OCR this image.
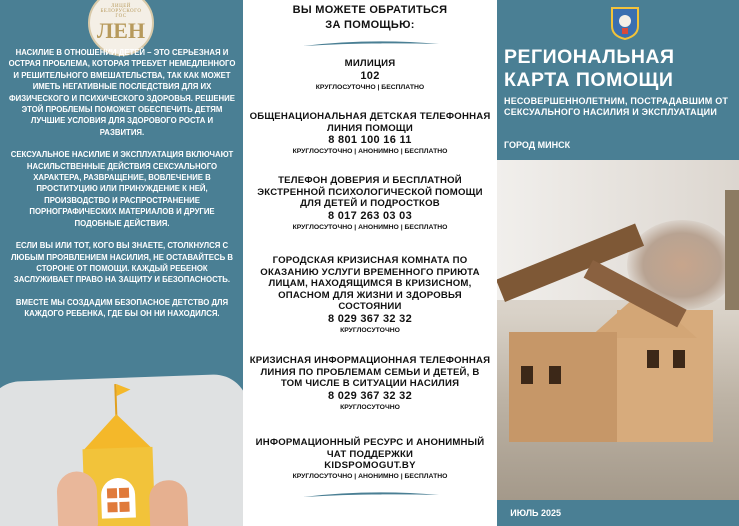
ЛИЦЕЙ БЕЛОРУСКОГО ГОС
ЛЕН

НАСИЛИЕ В ОТНОШЕНИИ ДЕТЕЙ – ЭТО СЕРЬЕЗНАЯ И ОСТРАЯ ПРОБЛЕМА, КОТОРАЯ ТРЕБУЕТ НЕМЕДЛЕННОГО И РЕШИТЕЛЬНОГО ВМЕШАТЕЛЬСТВА, ТАК КАК МОЖЕТ ИМЕТЬ НЕГАТИВНЫЕ ПОСЛЕДСТВИЯ ДЛЯ ИХ ФИЗИЧЕСКОГО И ПСИХИЧЕСКОГО ЗДОРОВЬЯ. РЕШЕНИЕ ЭТОЙ ПРОБЛЕМЫ ПОМОЖЕТ ОБЕСПЕЧИТЬ ДЕТЯМ ЛУЧШИЕ УСЛОВИЯ ДЛЯ ЗДОРОВОГО РОСТА И РАЗВИТИЯ.

СЕКСУАЛЬНОЕ НАСИЛИЕ И ЭКСПЛУАТАЦИЯ ВКЛЮЧАЮТ НАСИЛЬСТВЕННЫЕ ДЕЙСТВИЯ СЕКСУАЛЬНОГО ХАРАКТЕРА, РАЗВРАЩЕНИЕ, ВОВЛЕЧЕНИЕ В ПРОСТИТУЦИЮ ИЛИ ПРИНУЖДЕНИЕ К НЕЙ, ПРОИЗВОДСТВО И РАСПРОСТРАНЕНИЕ ПОРНОГРАФИЧЕСКИХ МАТЕРИАЛОВ И ДРУГИЕ ПОДОБНЫЕ ДЕЙСТВИЯ.

ЕСЛИ ВЫ ИЛИ ТОТ, КОГО ВЫ ЗНАЕТЕ, СТОЛКНУЛСЯ С ЛЮБЫМ ПРОЯВЛЕНИЕМ НАСИЛИЯ, НЕ ОСТАВАЙТЕСЬ В СТОРОНЕ ОТ ПОМОЩИ. КАЖДЫЙ РЕБЕНОК ЗАСЛУЖИВАЕТ ПРАВО НА ЗАЩИТУ И БЕЗОПАСНОСТЬ.

ВМЕСТЕ МЫ СОЗДАДИМ БЕЗОПАСНОЕ ДЕТСТВО ДЛЯ КАЖДОГО РЕБЕНКА, ГДЕ БЫ ОН НИ НАХОДИЛСЯ.

ВЫ МОЖЕТЕ ОБРАТИТЬСЯ
ЗА ПОМОЩЬЮ:
МИЛИЦИЯ
102
КРУГЛОСУТОЧНО | БЕСПЛАТНО
ОБЩЕНАЦИОНАЛЬНАЯ ДЕТСКАЯ ТЕЛЕФОННАЯ ЛИНИЯ ПОМОЩИ
8 801 100 16 11
КРУГЛОСУТОЧНО | АНОНИМНО | БЕСПЛАТНО
ТЕЛЕФОН ДОВЕРИЯ И БЕСПЛАТНОЙ ЭКСТРЕННОЙ ПСИХОЛОГИЧЕСКОЙ ПОМОЩИ ДЛЯ ДЕТЕЙ И ПОДРОСТКОВ
8 017 263 03 03
КРУГЛОСУТОЧНО | АНОНИМНО | БЕСПЛАТНО
ГОРОДСКАЯ КРИЗИСНАЯ КОМНАТА ПО ОКАЗАНИЮ УСЛУГИ ВРЕМЕННОГО ПРИЮТА ЛИЦАМ, НАХОДЯЩИМСЯ В КРИЗИСНОМ, ОПАСНОМ ДЛЯ ЖИЗНИ И ЗДОРОВЬЯ СОСТОЯНИИ
8 029 367 32 32
КРУГЛОСУТОЧНО
КРИЗИСНАЯ ИНФОРМАЦИОННАЯ ТЕЛЕФОННАЯ ЛИНИЯ ПО ПРОБЛЕМАМ СЕМЬИ И ДЕТЕЙ, В ТОМ ЧИСЛЕ В СИТУАЦИИ НАСИЛИЯ
8 029 367 32 32
КРУГЛОСУТОЧНО
ИНФОРМАЦИОННЫЙ РЕСУРС И АНОНИМНЫЙ ЧАТ ПОДДЕРЖКИ
KIDSPOMOGUT.BY
КРУГЛОСУТОЧНО | АНОНИМНО | БЕСПЛАТНО
РЕГИОНАЛЬНАЯ КАРТА ПОМОЩИ
НЕСОВЕРШЕННОЛЕТНИМ, ПОСТРАДАВШИМ ОТ СЕКСУАЛЬНОГО НАСИЛИЯ И ЭКСПЛУАТАЦИИ
ГОРОД МИНСК
ИЮЛЬ 2025
